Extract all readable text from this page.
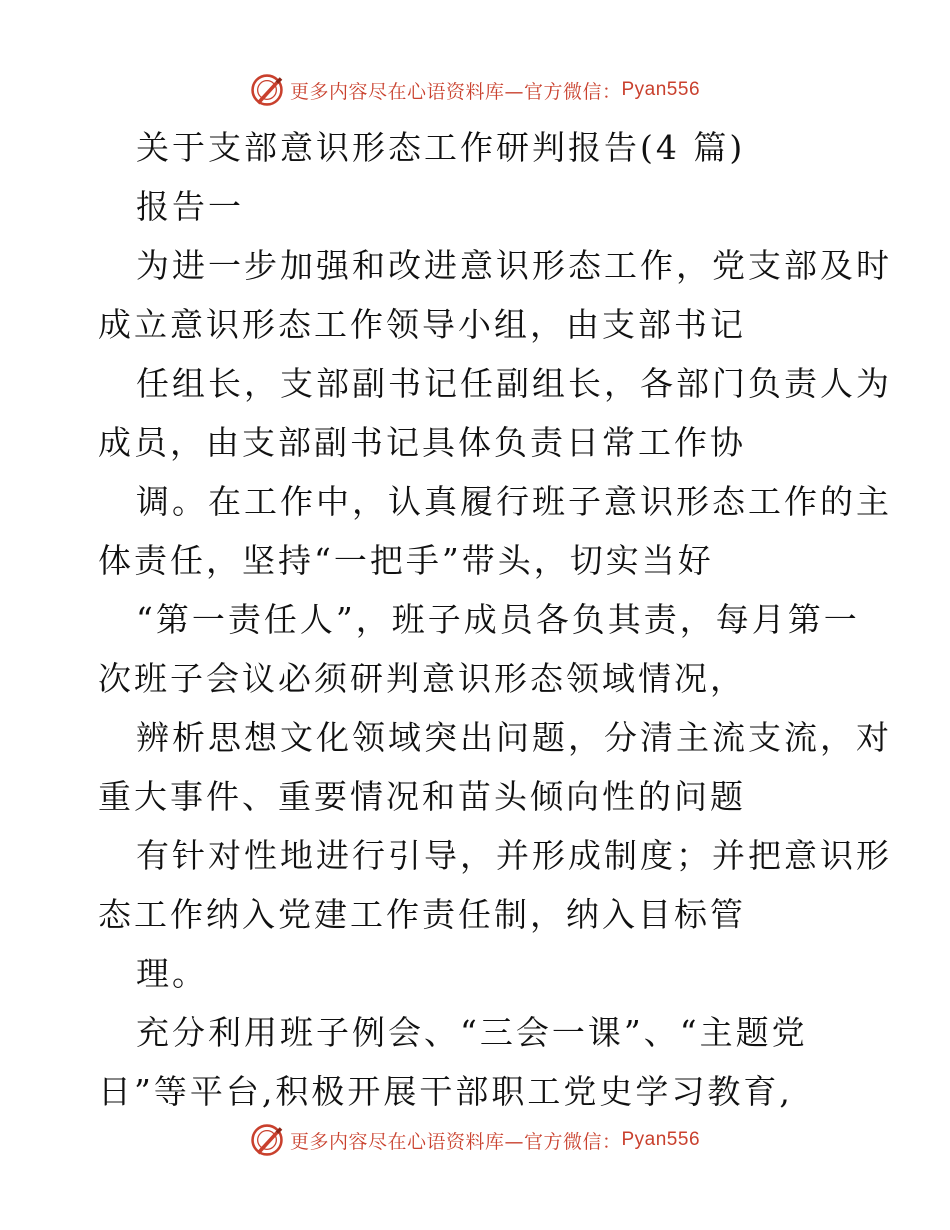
更多内容尽在心语资料库—官方微信： Pyan556
关于支部意识形态工作研判报告(4 篇)
报告一
为进一步加强和改进意识形态工作，党支部及时
成立意识形态工作领导小组，由支部书记
任组长，支部副书记任副组长，各部门负责人为
成员，由支部副书记具体负责日常工作协
调。在工作中，认真履行班子意识形态工作的主
体责任，坚持“一把手”带头，切实当好
“第一责任人”，班子成员各负其责，每月第一
次班子会议必须研判意识形态领域情况，
辨析思想文化领域突出问题，分清主流支流，对
重大事件、重要情况和苗头倾向性的问题
有针对性地进行引导，并形成制度；并把意识形
态工作纳入党建工作责任制，纳入目标管
理。
充分利用班子例会、“三会一课”、“主题党
日”等平台,积极开展干部职工党史学习教育,
更多内容尽在心语资料库—官方微信： Pyan556
